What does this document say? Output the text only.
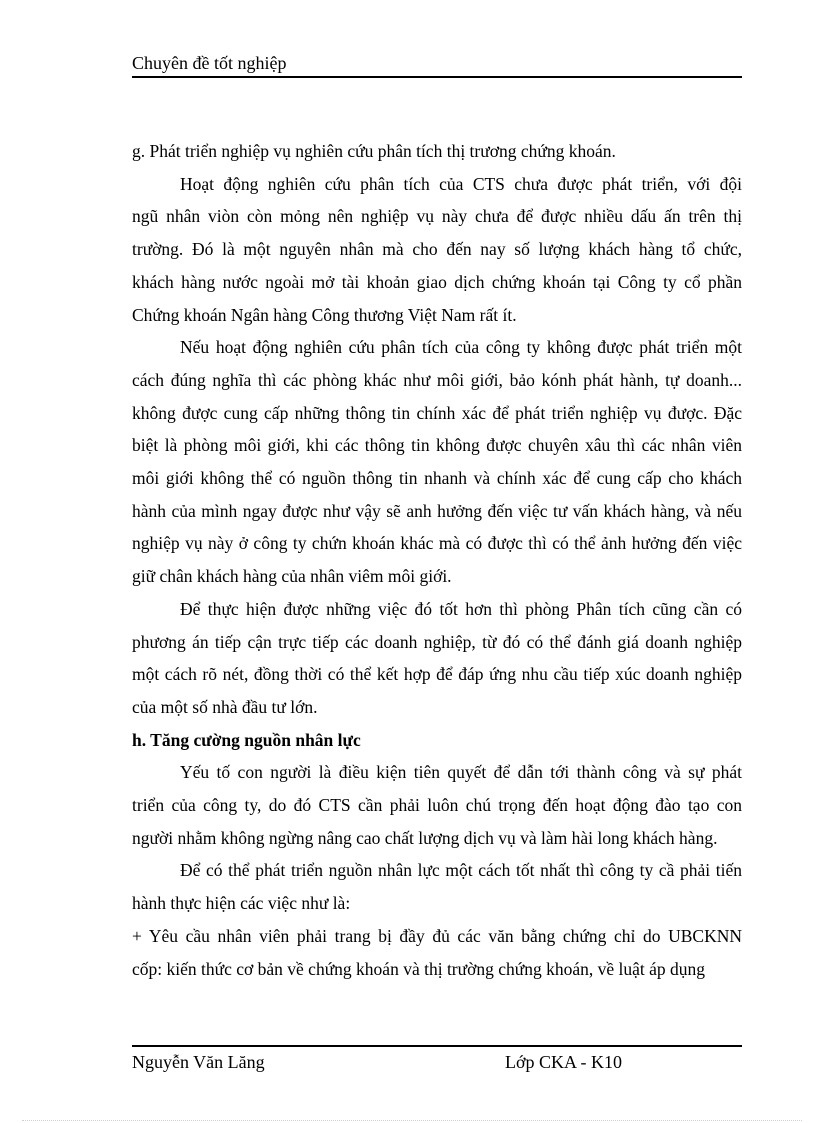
Chuyên đề tốt nghiệp

g. Phát triển nghiệp vụ nghiên cứu phân tích thị trương chứng khoán.

Hoạt động nghiên cứu phân tích của CTS chưa được phát triển, với đội

ngũ nhân viòn còn mỏng nên nghiệp vụ này chưa để được nhiều dấu ấn trên thị

trường. Đó là một nguyên nhân mà cho đến nay số lượng khách hàng tổ chức,

khách hàng nước ngoài mở tài khoản giao dịch chứng khoán tại Công ty cổ phần

Chứng khoán Ngân hàng Công thương Việt Nam rất ít.

Nếu hoạt động nghiên cứu phân tích của công ty không được phát triển một

cách đúng nghĩa thì các phòng khác như môi giới, bảo kónh phát hành, tự doanh...

không được cung cấp những thông tin chính xác để phát triển nghiệp vụ được. Đặc

biệt là phòng môi giới, khi các thông tin không được chuyên xâu thì các nhân viên

môi giới không thể có nguồn thông tin nhanh và chính xác để cung cấp cho khách

hành của mình ngay được như vậy sẽ anh hưởng đến việc tư vấn khách hàng, và nếu

nghiệp vụ này ở công ty chứn khoán khác mà có được thì có thể ảnh hưởng đến việc

giữ chân khách hàng của nhân viêm môi giới.

Để thực hiện được những việc đó tốt hơn thì phòng Phân tích cũng cần có

phương án tiếp cận trực tiếp các doanh nghiệp, từ đó có thể đánh giá doanh nghiệp

một cách rõ nét, đồng thời có thể kết hợp để đáp ứng nhu cầu tiếp xúc doanh nghiệp

của một số nhà đầu tư lớn.

h. Tăng cường nguồn nhân lực

Yếu tố con người là điều kiện tiên quyết để dẫn tới thành công và sự phát

triển của công ty, do đó CTS cần phải luôn chú trọng đến hoạt động đào tạo con

người nhằm không ngừng nâng cao chất lượng dịch vụ và làm hài long khách hàng.

Để có thể phát triển nguồn nhân lực một cách tốt nhất thì công ty cầ phải tiến

hành thực hiện các việc như là:

+ Yêu cầu nhân viên phải trang bị đầy đủ các văn bằng chứng chỉ do UBCKNN

cốp: kiến thức cơ bản về chứng khoán và thị trường chứng khoán, về luật áp dụng

Nguyễn Văn Lăng	Lớp CKA - K10
